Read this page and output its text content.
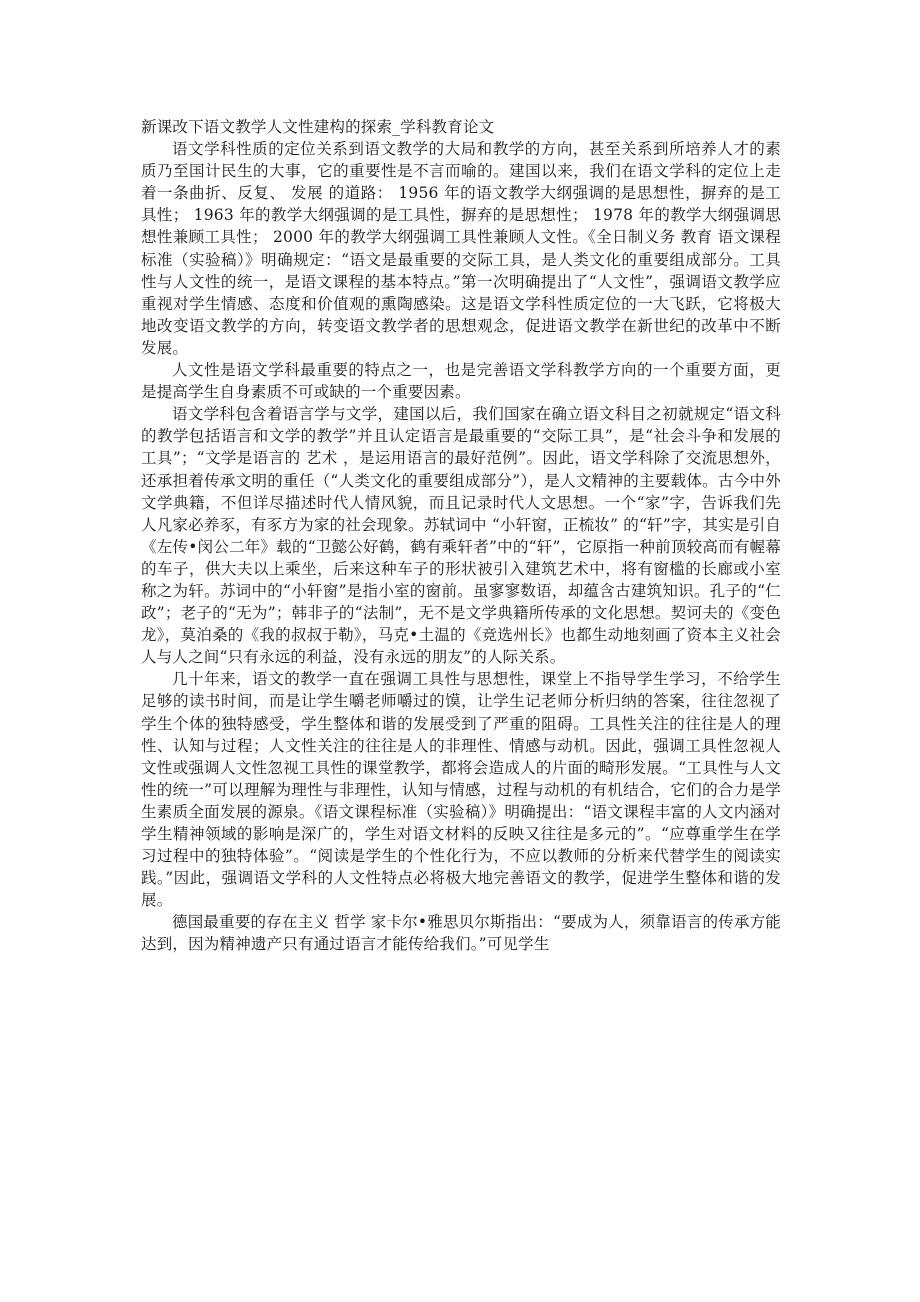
新课改下语文教学人文性建构的探索_学科教育论文

语文学科性质的定位关系到语文教学的大局和教学的方向，甚至关系到所培养人才的素质乃至国计民生的大事，它的重要性是不言而喻的。建国以来，我们在语文学科的定位上走着一条曲折、反复、 发展 的道路： 1956 年的语文教学大纲强调的是思想性，摒弃的是工具性； 1963 年的教学大纲强调的是工具性，摒弃的是思想性； 1978 年的教学大纲强调思想性兼顾工具性； 2000 年的教学大纲强调工具性兼顾人文性。《全日制义务 教育 语文课程标准（实验稿）》明确规定：“语文是最重要的交际工具，是人类文化的重要组成部分。工具性与人文性的统一，是语文课程的基本特点。”第一次明确提出了“人文性”，强调语文教学应重视对学生情感、态度和价值观的熏陶感染。这是语文学科性质定位的一大飞跃，它将极大地改变语文教学的方向，转变语文教学者的思想观念，促进语文教学在新世纪的改革中不断发展。

人文性是语文学科最重要的特点之一，也是完善语文学科教学方向的一个重要方面，更是提高学生自身素质不可或缺的一个重要因素。

语文学科包含着语言学与文学，建国以后，我们国家在确立语文科目之初就规定“语文科的教学包括语言和文学的教学”并且认定语言是最重要的“交际工具”，是“社会斗争和发展的工具”；“文学是语言的 艺术 ，是运用语言的最好范例”。因此，语文学科除了交流思想外，还承担着传承文明的重任（“人类文化的重要组成部分”），是人文精神的主要载体。古今中外文学典籍，不但详尽描述时代人情风貌，而且记录时代人文思想。一个“家”字，告诉我们先人凡家必养豕，有豕方为家的社会现象。苏轼词中 “小轩窗，正梳妆” 的“轩”字，其实是引自《左传•闵公二年》载的“卫懿公好鹤，鹤有乘轩者”中的“轩”，它原指一种前顶较高而有幄幕的车子，供大夫以上乘坐，后来这种车子的形状被引入建筑艺术中，将有窗槛的长廊或小室称之为轩。苏词中的“小轩窗”是指小室的窗前。虽寥寥数语，却蕴含古建筑知识。孔子的“仁政”；老子的“无为”；韩非子的“法制”，无不是文学典籍所传承的文化思想。契诃夫的《变色龙》，莫泊桑的《我的叔叔于勒》，马克•土温的《竞选州长》也都生动地刻画了资本主义社会人与人之间“只有永远的利益，没有永远的朋友”的人际关系。

几十年来，语文的教学一直在强调工具性与思想性，课堂上不指导学生学习，不给学生足够的读书时间，而是让学生嚼老师嚼过的馍，让学生记老师分析归纳的答案，往往忽视了学生个体的独特感受，学生整体和谐的发展受到了严重的阻碍。工具性关注的往往是人的理性、认知与过程；人文性关注的往往是人的非理性、情感与动机。因此，强调工具性忽视人文性或强调人文性忽视工具性的课堂教学，都将会造成人的片面的畸形发展。“工具性与人文性的统一”可以理解为理性与非理性，认知与情感，过程与动机的有机结合，它们的合力是学生素质全面发展的源泉。《语文课程标准（实验稿）》明确提出：“语文课程丰富的人文内涵对学生精神领域的影响是深广的，学生对语文材料的反映又往往是多元的”。“应尊重学生在学习过程中的独特体验”。“阅读是学生的个性化行为，不应以教师的分析来代替学生的阅读实践。”因此，强调语文学科的人文性特点必将极大地完善语文的教学，促进学生整体和谐的发展。

德国最重要的存在主义 哲学 家卡尔•雅思贝尔斯指出：“要成为人，须靠语言的传承方能达到，因为精神遗产只有通过语言才能传给我们。”可见学生
